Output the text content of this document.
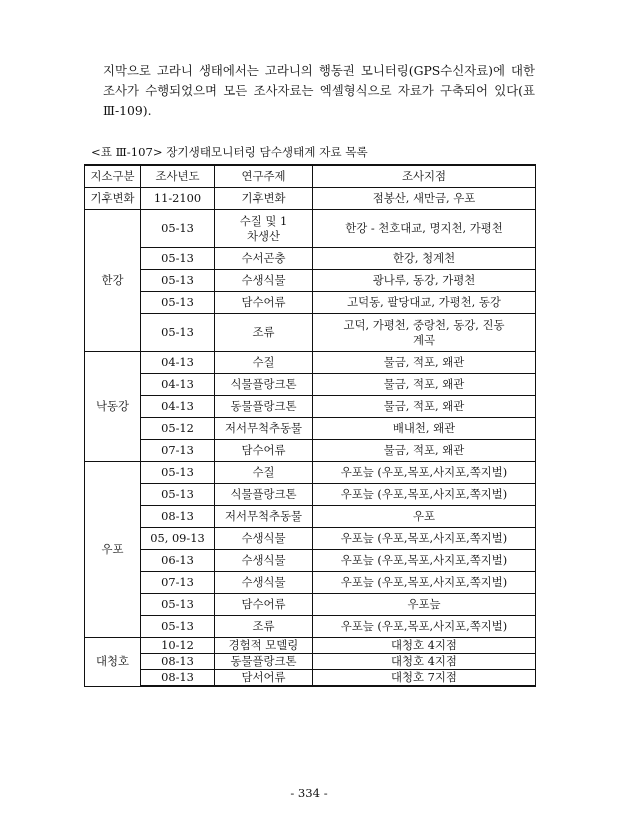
지막으로 고라니 생태에서는 고라니의 행동권 모니터링(GPS수신자료)에 대한 조사가 수행되었으며 모든 조사자료는 엑셀형식으로 자료가 구축되어 있다(표 Ⅲ-109).

<표 Ⅲ-107> 장기생태모니터링 담수생태계 자료 목록

지소구분	조사년도	연구주제	조사지점
기후변화	11-2100	기후변화	점봉산, 새만금, 우포
한강	05-13	수질 및 1차생산	한강 - 천호대교, 명지천, 가평천
	05-13	수서곤충	한강, 청계천
	05-13	수생식물	광나루, 동강, 가평천
	05-13	담수어류	고덕동, 팔당대교, 가평천, 동강
	05-13	조류	고덕, 가평천, 중랑천, 동강, 진동계곡
낙동강	04-13	수질	물금, 적포, 왜관
	04-13	식물플랑크톤	물금, 적포, 왜관
	04-13	동물플랑크톤	물금, 적포, 왜관
	05-12	저서무척추동물	배내천, 왜관
	07-13	담수어류	물금, 적포, 왜관
우포	05-13	수질	우포늪 (우포,목포,사지포,쪽지벌)
	05-13	식물플랑크톤	우포늪 (우포,목포,사지포,쪽지벌)
	08-13	저서무척추동물	우포
	05, 09-13	수생식물	우포늪 (우포,목포,사지포,쪽지벌)
	06-13	수생식물	우포늪 (우포,목포,사지포,쪽지벌)
	07-13	수생식물	우포늪 (우포,목포,사지포,쪽지벌)
	05-13	담수어류	우포늪
	05-13	조류	우포늪 (우포,목포,사지포,쪽지벌)
대청호	10-12	경험적 모델링	대청호 4지점
	08-13	동물플랑크톤	대청호 4지점
	08-13	담서어류	대청호 7지점

- 334 -
